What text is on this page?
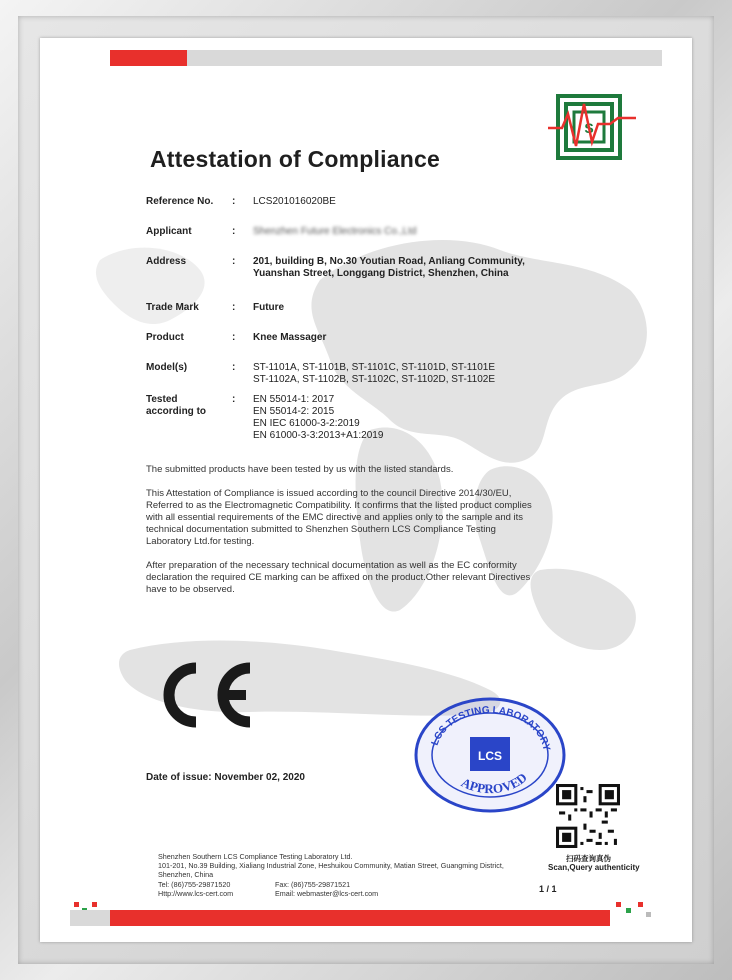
S
Attestation of Compliance
Reference No. : LCS201016020BE
Applicant	: Shenzhen Future Electronics Co.,Ltd
Address	: 201, building B, No.30 Youtian Road, Anliang Community,
Yuanshan Street, Longgang District, Shenzhen, China
Trade Mark	: Future
Product	: Knee Massager
Model(s)	: ST-1101A, ST-1101B, ST-1101C, ST-1101D, ST-1101E
ST-1102A, ST-1102B, ST-1102C, ST-1102D, ST-1102E
Tested
according to
: EN 55014-1: 2017
EN 55014-2: 2015
EN IEC 61000-3-2:2019
EN 61000-3-3:2013+A1:2019
The submitted products have been tested by us with the listed standards.
This Attestation of Compliance is issued according to the council Directive 2014/30/EU,
Referred to as the Electromagnetic Compatibility. It confirms that the listed product complies
with all essential requirements of the EMC directive and applies only to the sample and its
technical documentation submitted to Shenzhen Southern LCS Compliance Testing
Laboratory Ltd.for testing.
After preparation of the necessary technical documentation as well as the EC conformity
declaration the required CE marking can be affixed on the product.Other relevant Directives
have to be observed.
LCS TESTING LABORATORY
APPROVED
LCS
Date of issue: November 02, 2020
扫码查询真伪
Scan,Query authenticity
Shenzhen Southern LCS Compliance Testing Laboratory Ltd.
101-201, No.39 Building, Xialiang Industrial Zone, Heshuikou Community, Matian Street, Guangming District,
Shenzhen, China
Tel: (86)755-29871520	Fax: (86)755-29871521
Http://www.lcs-cert.com	Email: webmaster@lcs-cert.com	1 / 1
